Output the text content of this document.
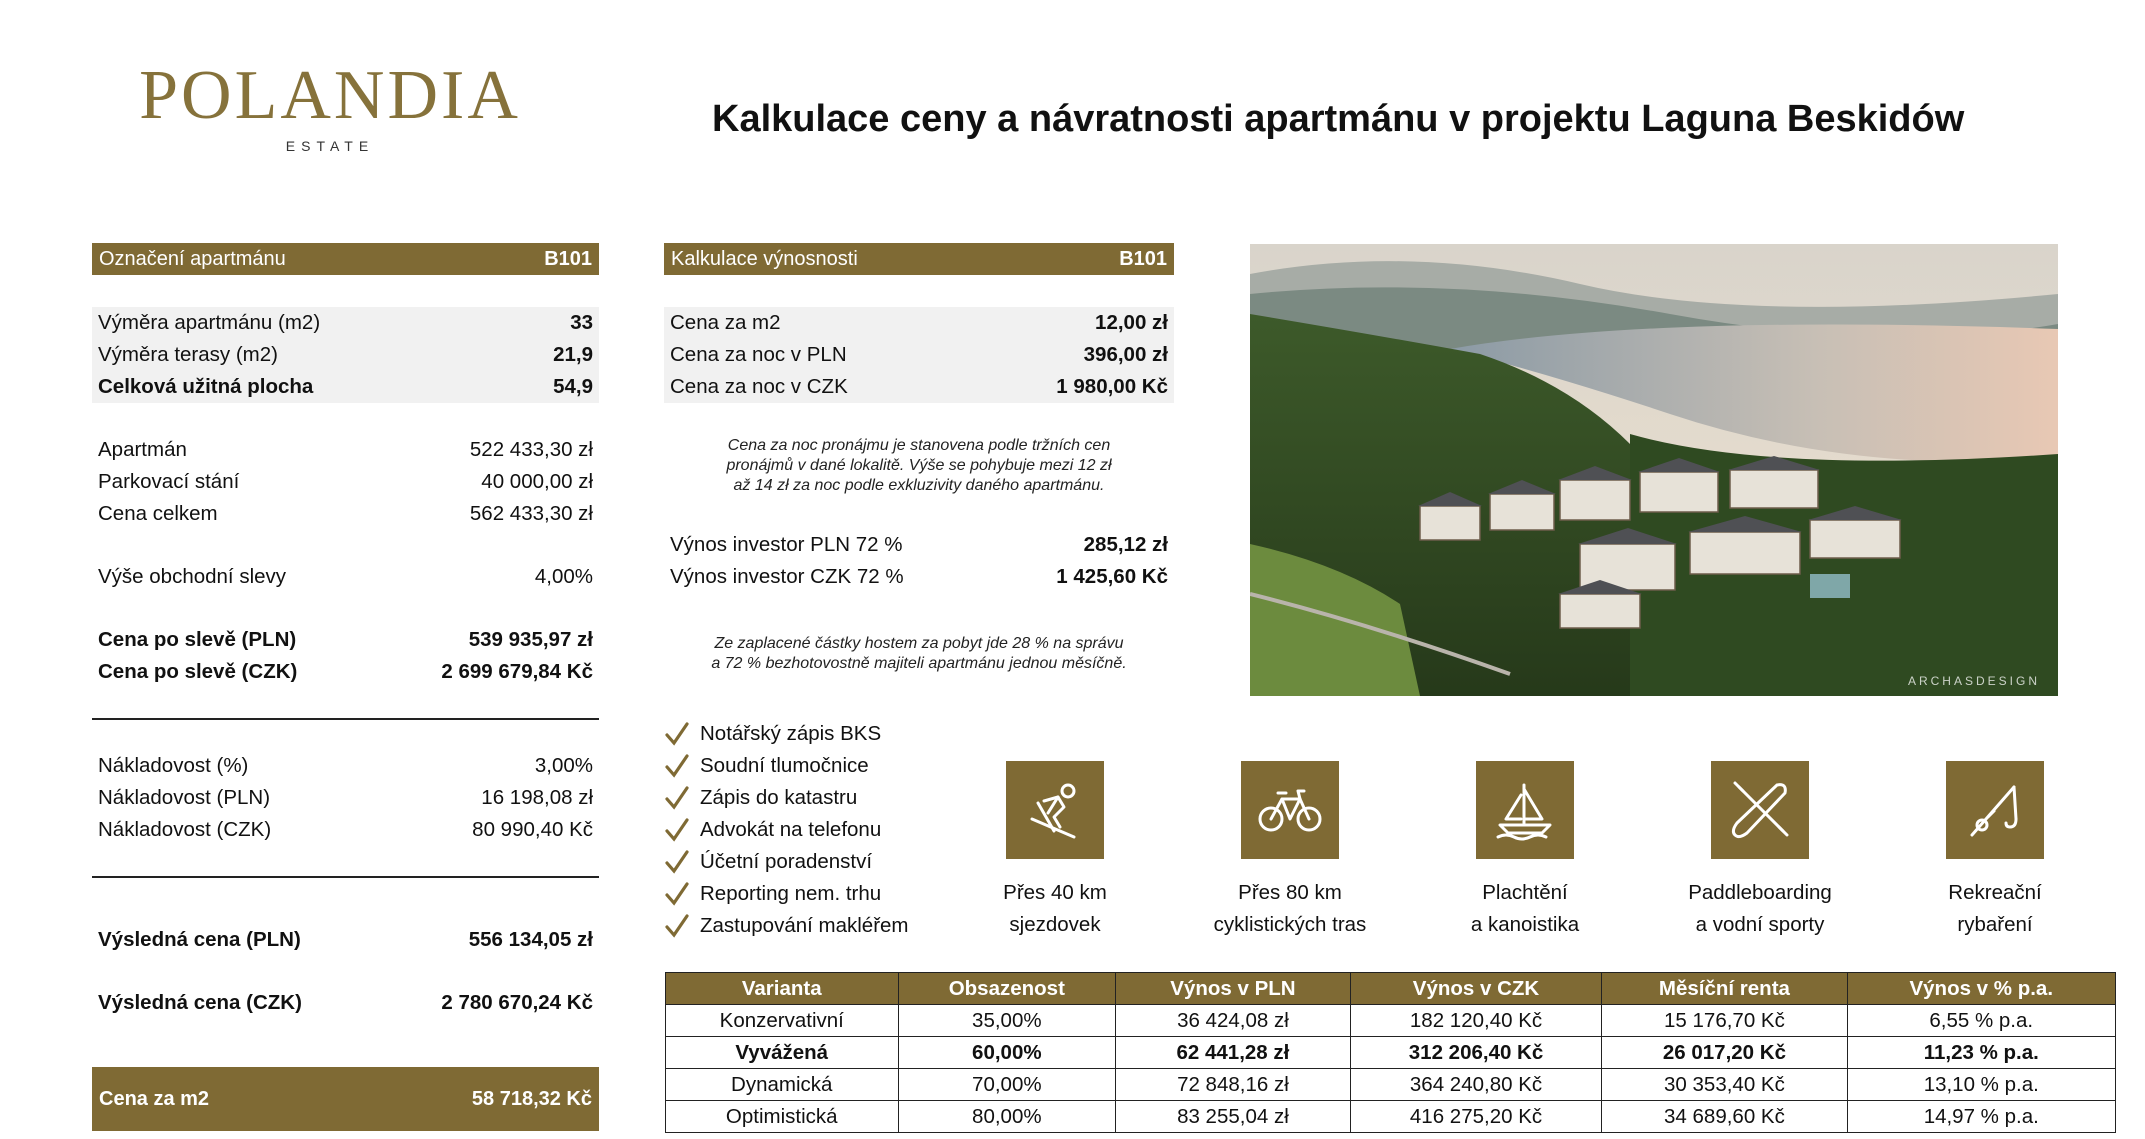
POLANDIA
ESTATE
Kalkulace ceny a návratnosti apartmánu v projektu Laguna Beskidów
Označení apartmánu	B101
Výměra apartmánu (m2)	33
Výměra terasy (m2)	21,9
Celková užitná plocha	54,9
Apartmán	522 433,30 zł
Parkovací stání	40 000,00 zł
Cena celkem	562 433,30 zł
Výše obchodní slevy	4,00%
Cena po slevě (PLN)	539 935,97 zł
Cena po slevě (CZK)	2 699 679,84 Kč
Nákladovost (%)	3,00%
Nákladovost (PLN)	16 198,08 zł
Nákladovost (CZK)	80 990,40 Kč
Výsledná cena (PLN)	556 134,05 zł
Výsledná cena (CZK)	2 780 670,24 Kč
Cena za m2	58 718,32 Kč
Kalkulace výnosnosti	B101
Cena za m2	12,00 zł
Cena za noc v PLN	396,00 zł
Cena za noc v CZK	1 980,00 Kč
Cena za noc pronájmu je stanovena podle tržních cen
pronájmů v dané lokalitě. Výše se pohybuje mezi 12 zł
až 14 zł za noc podle exkluzivity daného apartmánu.
Výnos investor PLN 72 %	285,12 zł
Výnos investor CZK 72 %	1 425,60 Kč
Ze zaplacené částky hostem za pobyt jde 28 % na správu
a 72 % bezhotovostně majiteli apartmánu jednou měsíčně.
ARCHASDESIGN
Notářský zápis BKS
Soudní tlumočnice
Zápis do katastru
Advokát na telefonu
Účetní poradenství
Reporting nem. trhu
Zastupování makléřem
Přes 40 km
sjezdovek
Přes 80 km
cyklistických tras
Plachtění
a kanoistika
Paddleboarding
a vodní sporty
Rekreační
rybaření
Varianta	Obsazenost	Výnos v PLN	Výnos v CZK	Měsíční renta	Výnos v % p.a.
Konzervativní	35,00%	36 424,08 zł	182 120,40 Kč	15 176,70 Kč	6,55 % p.a.
Vyvážená	60,00%	62 441,28 zł	312 206,40 Kč	26 017,20 Kč	11,23 % p.a.
Dynamická	70,00%	72 848,16 zł	364 240,80 Kč	30 353,40 Kč	13,10 % p.a.
Optimistická	80,00%	83 255,04 zł	416 275,20 Kč	34 689,60 Kč	14,97 % p.a.
